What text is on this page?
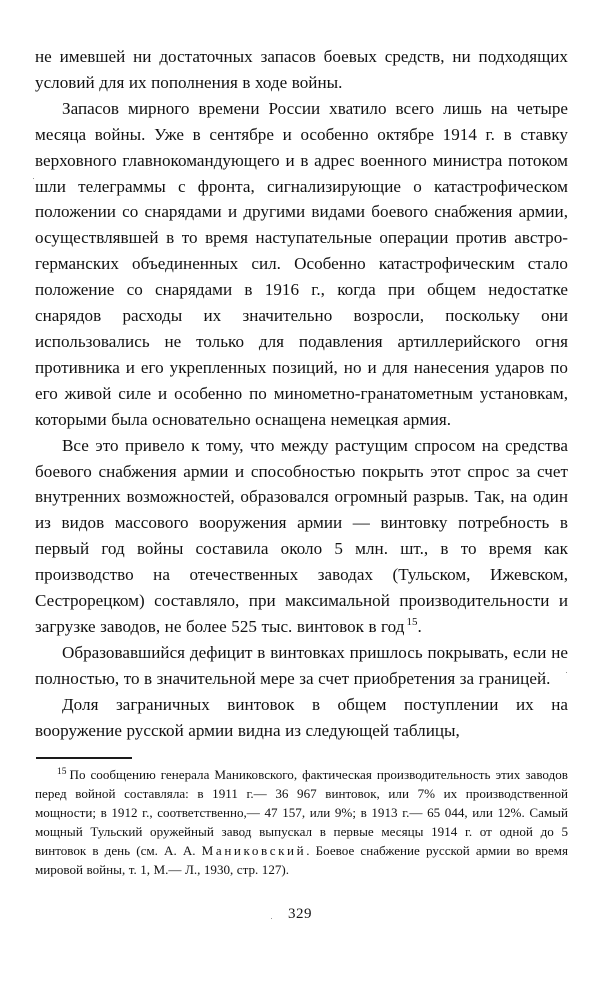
не имевшей ни достаточных запасов боевых средств, ни подходящих условий для их пополнения в ходе войны.

Запасов мирного времени России хватило всего лишь на четыре месяца войны. Уже в сентябре и особенно октябре 1914 г. в ставку верховного главнокомандующего и в адрес военного министра потоком шли телеграммы с фронта, сигнализирующие о катастрофическом положении со снарядами и другими видами боевого снабжения армии, осуществлявшей в то время наступательные операции против австро-германских объединенных сил. Особенно катастрофическим стало положение со снарядами в 1916 г., когда при общем недостатке снарядов расходы их значительно возросли, поскольку они использовались не только для подавления артиллерийского огня противника и его укрепленных позиций, но и для нанесения ударов по его живой силе и особенно по минометно-гранатометным установкам, которыми была основательно оснащена немецкая армия.

Все это привело к тому, что между растущим спросом на средства боевого снабжения армии и способностью покрыть этот спрос за счет внутренних возможностей, образовался огромный разрыв. Так, на один из видов массового вооружения армии — винтовку потребность в первый год войны составила около 5 млн. шт., в то время как производство на отечественных заводах (Тульском, Ижевском, Сестрорецком) составляло, при максимальной производительности и загрузке заводов, не более 525 тыс. винтовок в год $^{15}$.

Образовавшийся дефицит в винтовках пришлось покрывать, если не полностью, то в значительной мере за счет приобретения за границей.

Доля заграничных винтовок в общем поступлении их на вооружение русской армии видна из следующей таблицы,

$^{15}$ По сообщению генерала Маниковского, фактическая производительность этих заводов перед войной составляла: в 1911 г.— 36 967 винтовок, или 7% их производственной мощности; в 1912 г., соответственно,— 47 157, или 9%; в 1913 г.— 65 044, или 12%. Самый мощный Тульский оружейный завод выпускал в первые месяцы 1914 г. от одной до 5 винтовок в день (см. А. А. Маниковский. Боевое снабжение русской армии во время мировой войны, т. 1, М.— Л., 1930, стр. 127).

329
